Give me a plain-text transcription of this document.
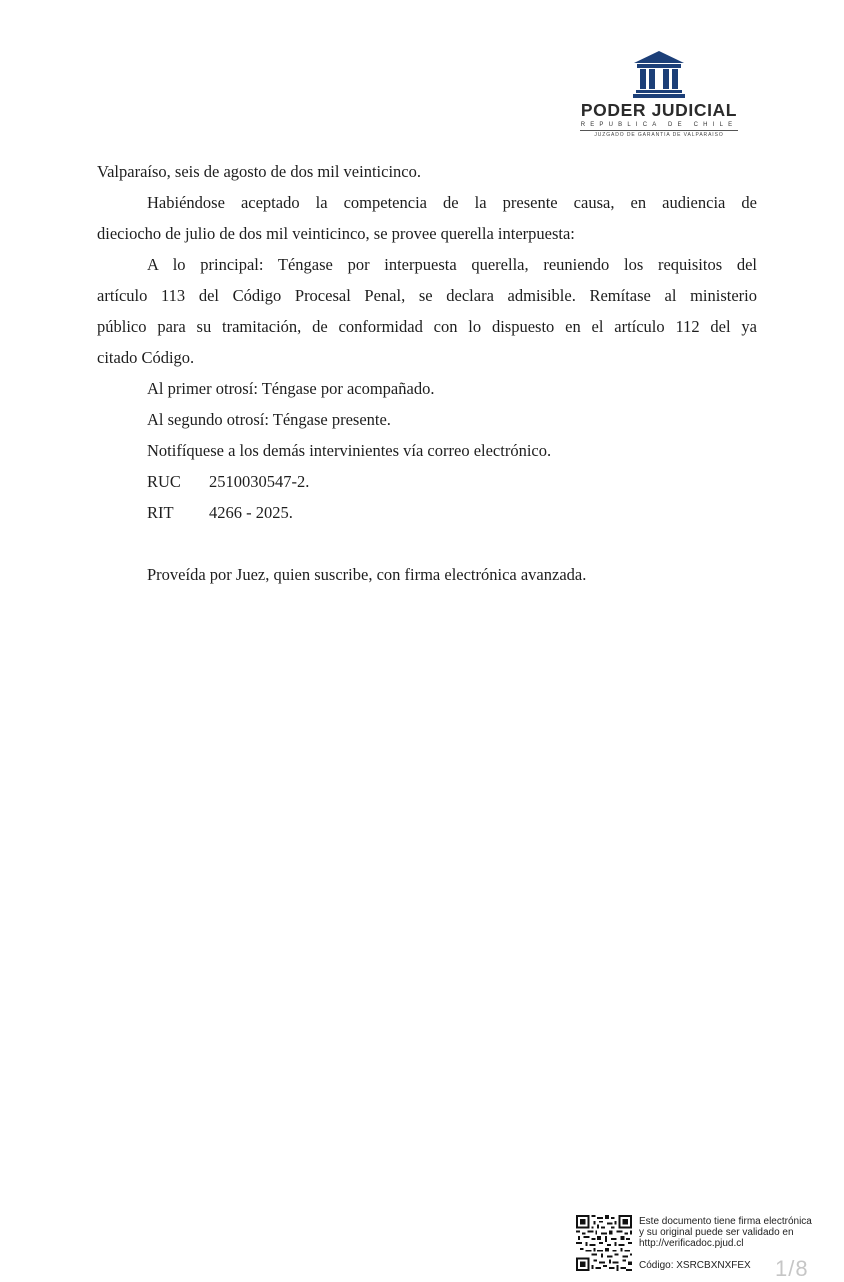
PODER JUDICIAL
REPUBLICA DE CHILE
JUZGADO DE GARANTIA DE VALPARAISO
Valparaíso, seis de agosto de dos mil veinticinco.
Habiéndose aceptado la competencia de la presente causa, en audiencia de
dieciocho de julio de dos mil veinticinco, se provee querella interpuesta:
A lo principal: Téngase por interpuesta querella, reuniendo los requisitos del
artículo 113 del Código Procesal Penal, se declara admisible. Remítase al ministerio
público para su tramitación, de conformidad con lo dispuesto en el artículo 112 del ya
citado Código.
Al primer otrosí: Téngase por acompañado.
Al segundo otrosí: Téngase presente.
Notifíquese a los demás intervinientes vía correo electrónico.
RUC 2510030547-2.
RIT 4266 - 2025.
Proveída por Juez, quien suscribe, con firma electrónica avanzada.
Este documento tiene firma electrónica
y su original puede ser validado en
http://verificadoc.pjud.cl
Código: XSRCBXNXFEX 1/8
